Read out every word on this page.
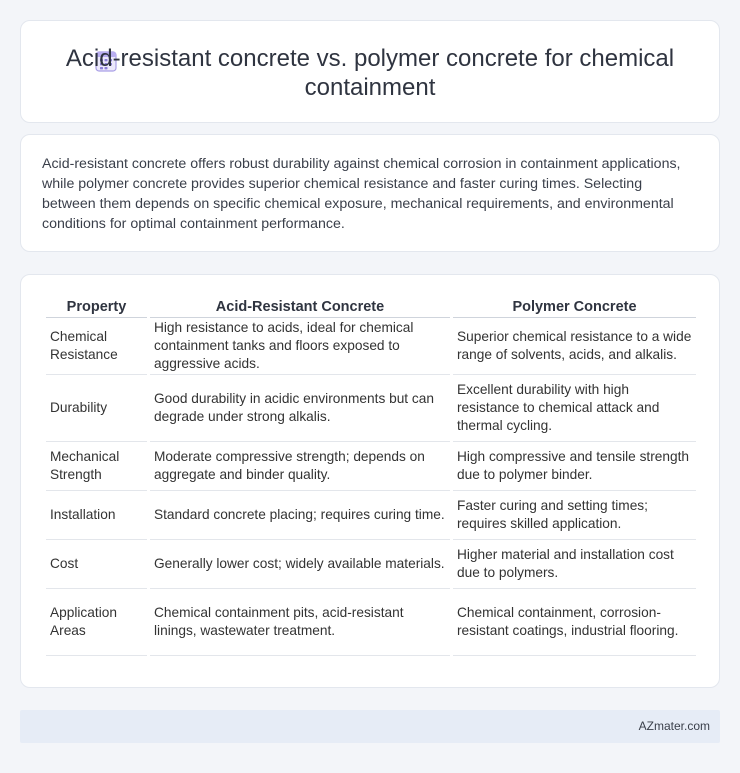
Acid-resistant concrete vs. polymer concrete for chemical containment

Acid-resistant concrete offers robust durability against chemical corrosion in containment applications, while polymer concrete provides superior chemical resistance and faster curing times. Selecting between them depends on specific chemical exposure, mechanical requirements, and environmental conditions for optimal containment performance.

Property	Acid-Resistant Concrete	Polymer Concrete
Chemical Resistance	High resistance to acids, ideal for chemical containment tanks and floors exposed to aggressive acids.	Superior chemical resistance to a wide range of solvents, acids, and alkalis.
Durability	Good durability in acidic environments but can degrade under strong alkalis.	Excellent durability with high resistance to chemical attack and thermal cycling.
Mechanical Strength	Moderate compressive strength; depends on aggregate and binder quality.	High compressive and tensile strength due to polymer binder.
Installation	Standard concrete placing; requires curing time.	Faster curing and setting times; requires skilled application.
Cost	Generally lower cost; widely available materials.	Higher material and installation cost due to polymers.
Application Areas	Chemical containment pits, acid-resistant linings, wastewater treatment.	Chemical containment, corrosion-resistant coatings, industrial flooring.
AZmater.com
